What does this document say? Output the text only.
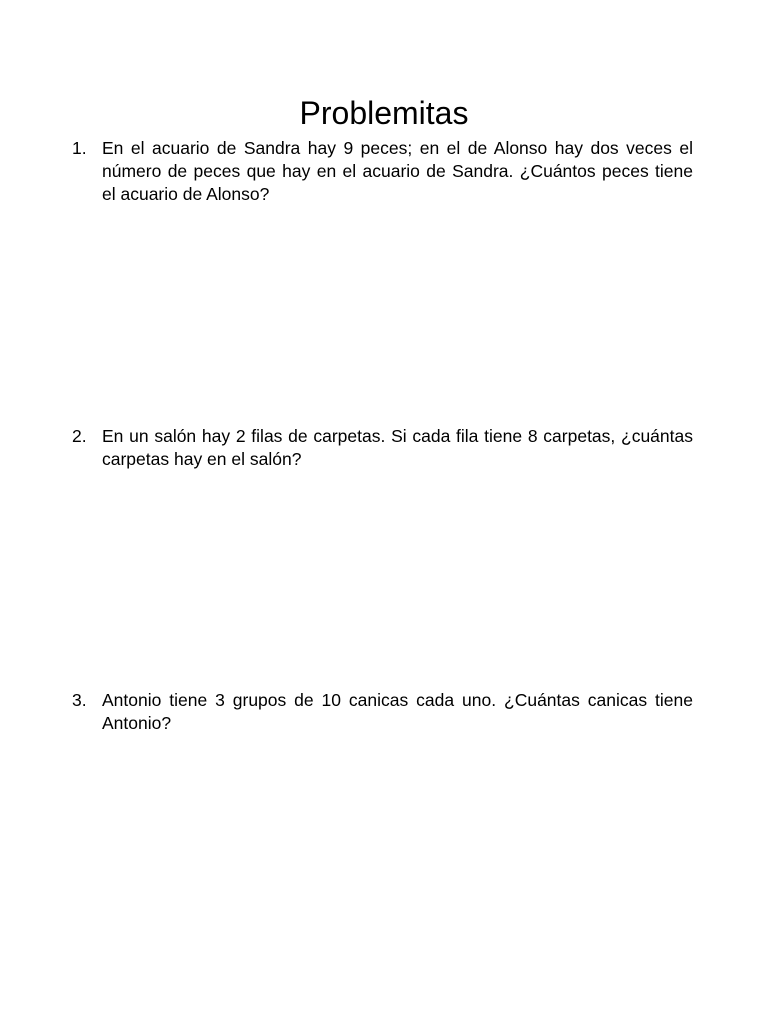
Problemitas
1. En el acuario de Sandra hay 9 peces; en el de Alonso hay dos veces el número de peces que hay en el acuario de Sandra. ¿Cuántos peces tiene el acuario de Alonso?
2. En un salón hay 2 filas de carpetas. Si cada fila tiene 8 carpetas, ¿cuántas carpetas hay en el salón?
3. Antonio tiene 3 grupos de 10 canicas cada uno. ¿Cuántas canicas tiene Antonio?
